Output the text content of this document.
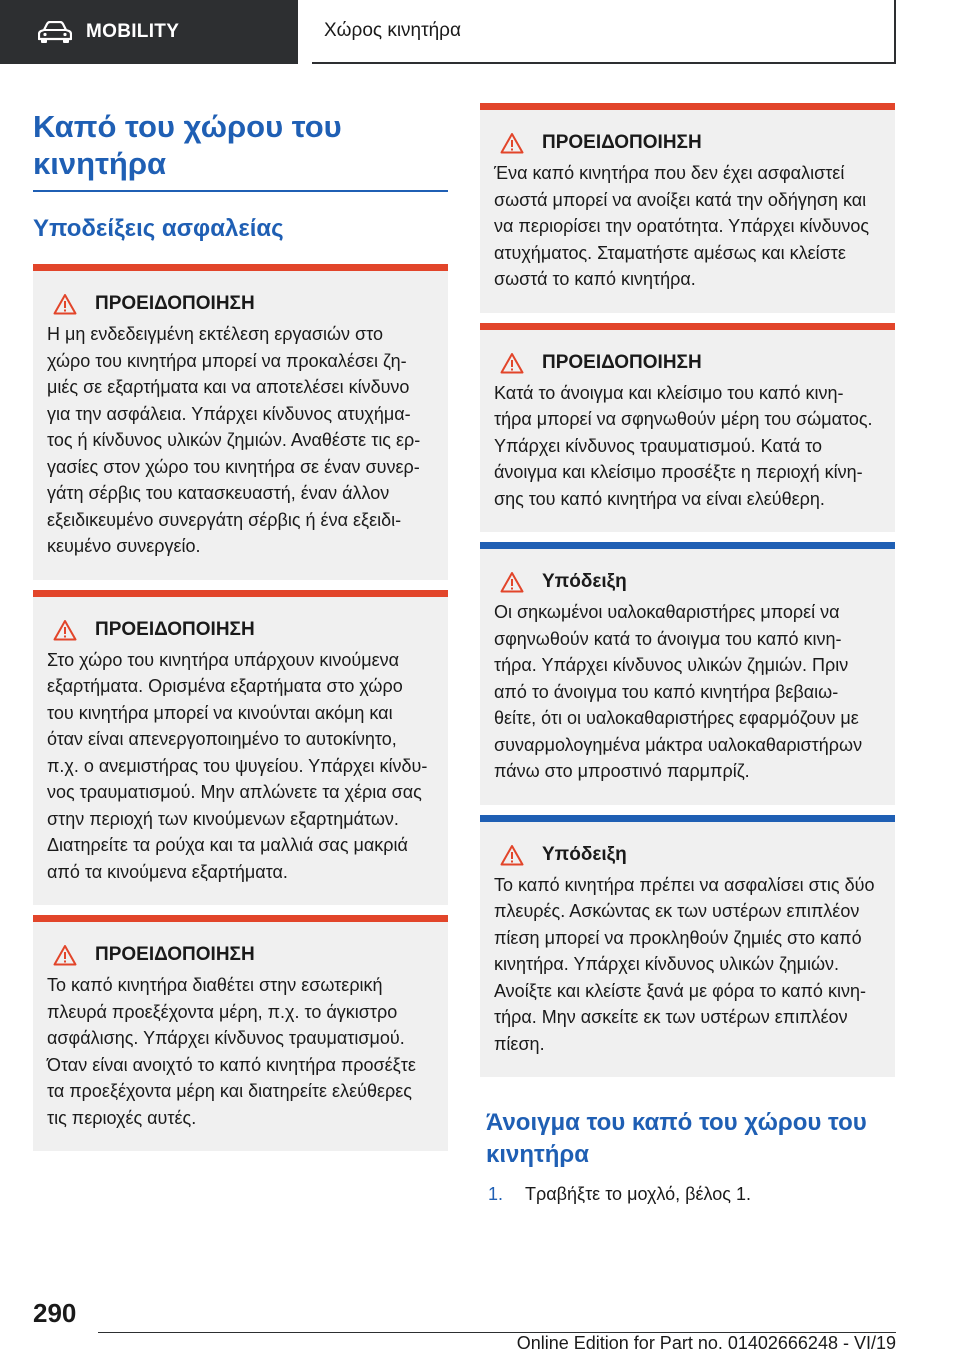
MOBILITY	Χώρος κινητήρα
Καπό του χώρου του κινητήρα
Υποδείξεις ασφαλείας
ΠΡΟΕΙΔΟΠΟΙΗΣΗ
Η μη ενδεδειγμένη εκτέλεση εργασιών στο
χώρο του κινητήρα μπορεί να προκαλέσει ζη-
μιές σε εξαρτήματα και να αποτελέσει κίνδυνο
για την ασφάλεια. Υπάρχει κίνδυνος ατυχήμα-
τος ή κίνδυνος υλικών ζημιών. Αναθέστε τις ερ-
γασίες στον χώρο του κινητήρα σε έναν συνερ-
γάτη σέρβις του κατασκευαστή, έναν άλλον
εξειδικευμένο συνεργάτη σέρβις ή ένα εξειδι-
κευμένο συνεργείο.
ΠΡΟΕΙΔΟΠΟΙΗΣΗ
Στο χώρο του κινητήρα υπάρχουν κινούμενα
εξαρτήματα. Ορισμένα εξαρτήματα στο χώρο
του κινητήρα μπορεί να κινούνται ακόμη και
όταν είναι απενεργοποιημένο το αυτοκίνητο,
π.χ. ο ανεμιστήρας του ψυγείου. Υπάρχει κίνδυ-
νος τραυματισμού. Μην απλώνετε τα χέρια σας
στην περιοχή των κινούμενων εξαρτημάτων.
Διατηρείτε τα ρούχα και τα μαλλιά σας μακριά
από τα κινούμενα εξαρτήματα.
ΠΡΟΕΙΔΟΠΟΙΗΣΗ
Το καπό κινητήρα διαθέτει στην εσωτερική
πλευρά προεξέχοντα μέρη, π.χ. το άγκιστρο
ασφάλισης. Υπάρχει κίνδυνος τραυματισμού.
Όταν είναι ανοιχτό το καπό κινητήρα προσέξτε
τα προεξέχοντα μέρη και διατηρείτε ελεύθερες
τις περιοχές αυτές.
ΠΡΟΕΙΔΟΠΟΙΗΣΗ
Ένα καπό κινητήρα που δεν έχει ασφαλιστεί
σωστά μπορεί να ανοίξει κατά την οδήγηση και
να περιορίσει την ορατότητα. Υπάρχει κίνδυνος
ατυχήματος. Σταματήστε αμέσως και κλείστε
σωστά το καπό κινητήρα.
ΠΡΟΕΙΔΟΠΟΙΗΣΗ
Κατά το άνοιγμα και κλείσιμο του καπό κινη-
τήρα μπορεί να σφηνωθούν μέρη του σώματος.
Υπάρχει κίνδυνος τραυματισμού. Κατά το
άνοιγμα και κλείσιμο προσέξτε η περιοχή κίνη-
σης του καπό κινητήρα να είναι ελεύθερη.
Υπόδειξη
Οι σηκωμένοι υαλοκαθαριστήρες μπορεί να
σφηνωθούν κατά το άνοιγμα του καπό κινη-
τήρα. Υπάρχει κίνδυνος υλικών ζημιών. Πριν
από το άνοιγμα του καπό κινητήρα βεβαιω-
θείτε, ότι οι υαλοκαθαριστήρες εφαρμόζουν με
συναρμολογημένα μάκτρα υαλοκαθαριστήρων
πάνω στο μπροστινό παρμπρίζ.
Υπόδειξη
Το καπό κινητήρα πρέπει να ασφαλίσει στις δύο
πλευρές. Ασκώντας εκ των υστέρων επιπλέον
πίεση μπορεί να προκληθούν ζημιές στο καπό
κινητήρα. Υπάρχει κίνδυνος υλικών ζημιών.
Ανοίξτε και κλείστε ξανά με φόρα το καπό κινη-
τήρα. Μην ασκείτε εκ των υστέρων επιπλέον
πίεση.
Άνοιγμα του καπό του χώρου του κινητήρα
1.	Τραβήξτε το μοχλό, βέλος 1.
290
Online Edition for Part no. 01402666248 - VI/19
